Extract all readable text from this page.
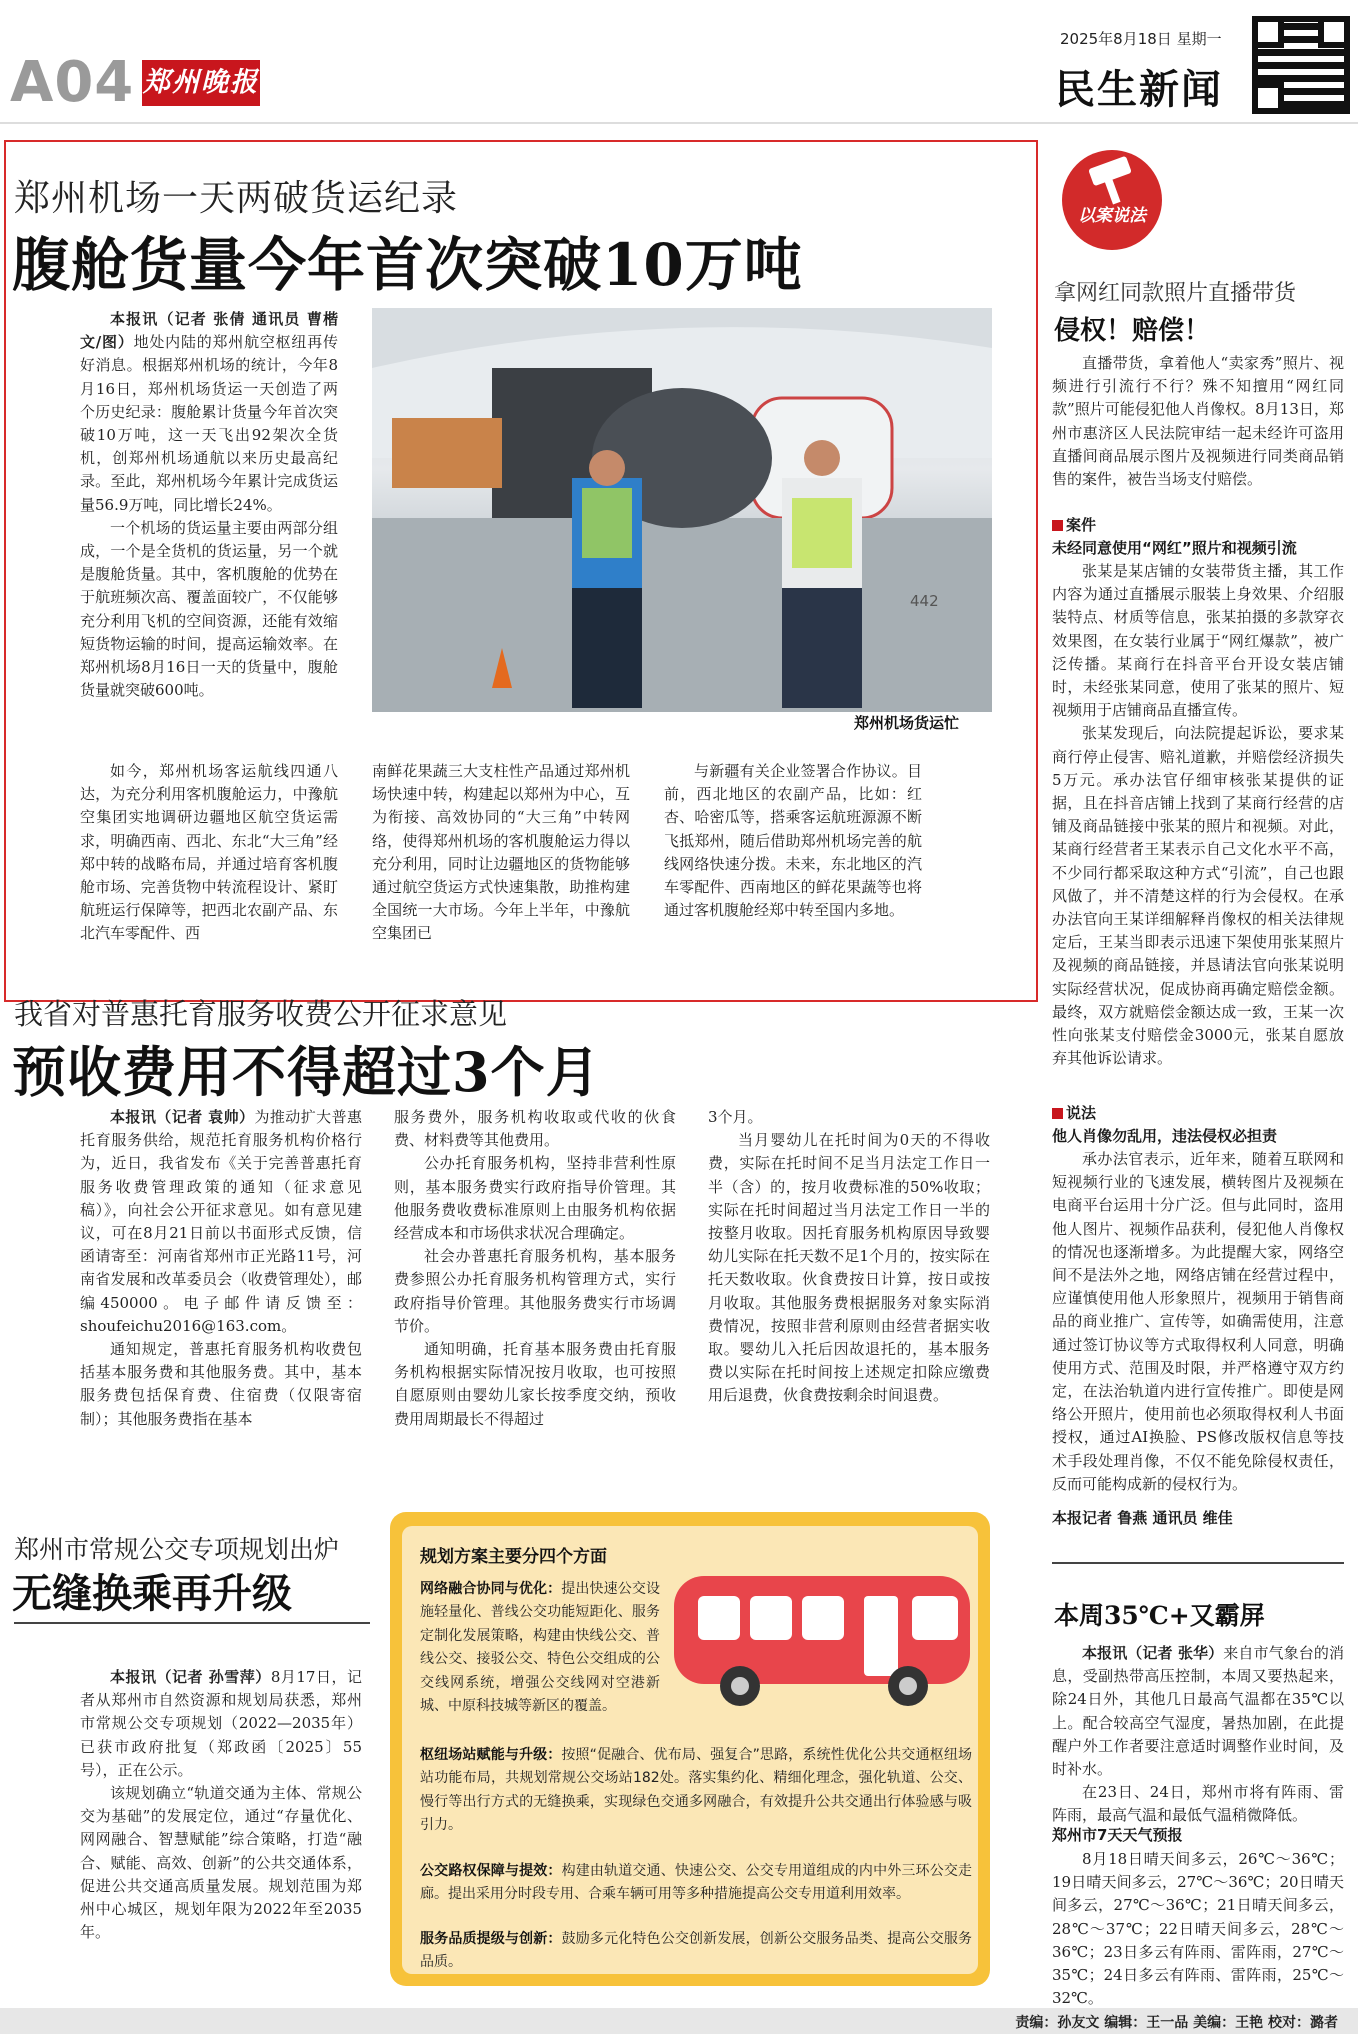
A04 郑州晚报
2025年8月18日 星期一
民生新闻
郑州机场一天两破货运纪录
腹舱货量今年首次突破10万吨

本报讯（记者 张倩 通讯员 曹楷 文/图）地处内陆的郑州航空枢纽再传好消息。根据郑州机场的统计，今年8月16日，郑州机场货运一天创造了两个历史纪录：腹舱累计货量今年首次突破10万吨，这一天飞出92架次全货机，创郑州机场通航以来历史最高纪录。至此，郑州机场今年累计完成货运量56.9万吨，同比增长24%。

一个机场的货运量主要由两部分组成，一个是全货机的货运量，另一个就是腹舱货量。其中，客机腹舱的优势在于航班频次高、覆盖面较广，不仅能够充分利用飞机的空间资源，还能有效缩短货物运输的时间，提高运输效率。在郑州机场8月16日一天的货量中，腹舱货量就突破600吨。

如今，郑州机场客运航线四通八达，为充分利用客机腹舱运力，中豫航空集团实地调研边疆地区航空货运需求，明确西南、西北、东北“大三角”经郑中转的战略布局，并通过培育客机腹舱市场、完善货物中转流程设计、紧盯航班运行保障等，把西北农副产品、东北汽车零配件、西

南鲜花果蔬三大支柱性产品通过郑州机场快速中转，构建起以郑州为中心，互为衔接、高效协同的“大三角”中转网络，使得郑州机场的客机腹舱运力得以充分利用，同时让边疆地区的货物能够通过航空货运方式快速集散，助推构建全国统一大市场。今年上半年，中豫航空集团已

与新疆有关企业签署合作协议。目前，西北地区的农副产品，比如：红杏、哈密瓜等，搭乘客运航班源源不断飞抵郑州，随后借助郑州机场完善的航线网络快速分拨。未来，东北地区的汽车零配件、西南地区的鲜花果蔬等也将通过客机腹舱经郑中转至国内多地。

442
郑州机场货运忙
我省对普惠托育服务收费公开征求意见
预收费用不得超过3个月

本报讯（记者 袁帅）为推动扩大普惠托育服务供给，规范托育服务机构价格行为，近日，我省发布《关于完善普惠托育服务收费管理政策的通知（征求意见稿）》，向社会公开征求意见。如有意见建议，可在8月21日前以书面形式反馈，信函请寄至：河南省郑州市正光路11号，河南省发展和改革委员会（收费管理处），邮编450000。电子邮件请反馈至：shoufeichu2016@163.com。

通知规定，普惠托育服务机构收费包括基本服务费和其他服务费。其中，基本服务费包括保育费、住宿费（仅限寄宿制）；其他服务费指在基本

服务费外，服务机构收取或代收的伙食费、材料费等其他费用。

公办托育服务机构，坚持非营利性原则，基本服务费实行政府指导价管理。其他服务费收费标准原则上由服务机构依据经营成本和市场供求状况合理确定。

社会办普惠托育服务机构，基本服务费参照公办托育服务机构管理方式，实行政府指导价管理。其他服务费实行市场调节价。

通知明确，托育基本服务费由托育服务机构根据实际情况按月收取，也可按照自愿原则由婴幼儿家长按季度交纳，预收费用周期最长不得超过

3个月。

当月婴幼儿在托时间为0天的不得收费，实际在托时间不足当月法定工作日一半（含）的，按月收费标准的50%收取；实际在托时间超过当月法定工作日一半的按整月收取。因托育服务机构原因导致婴幼儿实际在托天数不足1个月的，按实际在托天数收取。伙食费按日计算，按日或按月收取。其他服务费根据服务对象实际消费情况，按照非营利原则由经营者据实收取。婴幼儿入托后因故退托的，基本服务费以实际在托时间按上述规定扣除应缴费用后退费，伙食费按剩余时间退费。

郑州市常规公交专项规划出炉
无缝换乘再升级

本报讯（记者 孙雪萍）8月17日，记者从郑州市自然资源和规划局获悉，郑州市常规公交专项规划（2022—2035年）已获市政府批复（郑政函〔2025〕55号），正在公示。

该规划确立“轨道交通为主体、常规公交为基础”的发展定位，通过“存量优化、网网融合、智慧赋能”综合策略，打造“融合、赋能、高效、创新”的公共交通体系，促进公共交通高质量发展。规划范围为郑州中心城区，规划年限为2022年至2035年。

规划方案主要分四个方面
网络融合协同与优化：提出快速公交设施轻量化、普线公交功能短距化、服务定制化发展策略，构建由快线公交、普线公交、接驳公交、特色公交组成的公交线网系统，增强公交线网对空港新城、中原科技城等新区的覆盖。
枢纽场站赋能与升级：按照“促融合、优布局、强复合”思路，系统性优化公共交通枢纽场站功能布局，共规划常规公交场站182处。落实集约化、精细化理念，强化轨道、公交、慢行等出行方式的无缝换乘，实现绿色交通多网融合，有效提升公共交通出行体验感与吸引力。
公交路权保障与提效：构建由轨道交通、快速公交、公交专用道组成的内中外三环公交走廊。提出采用分时段专用、合乘车辆可用等多种措施提高公交专用道利用效率。
服务品质提级与创新：鼓励多元化特色公交创新发展，创新公交服务品类、提高公交服务品质。
以案说法
拿网红同款照片直播带货
侵权！赔偿！

直播带货，拿着他人“卖家秀”照片、视频进行引流行不行？殊不知擅用“网红同款”照片可能侵犯他人肖像权。8月13日，郑州市惠济区人民法院审结一起未经许可盗用直播间商品展示图片及视频进行同类商品销售的案件，被告当场支付赔偿。

案件
未经同意使用“网红”照片和视频引流

张某是某店铺的女装带货主播，其工作内容为通过直播展示服装上身效果、介绍服装特点、材质等信息，张某拍摄的多款穿衣效果图，在女装行业属于“网红爆款”，被广泛传播。某商行在抖音平台开设女装店铺时，未经张某同意，使用了张某的照片、短视频用于店铺商品直播宣传。

张某发现后，向法院提起诉讼，要求某商行停止侵害、赔礼道歉，并赔偿经济损失5万元。承办法官仔细审核张某提供的证据，且在抖音店铺上找到了某商行经营的店铺及商品链接中张某的照片和视频。对此，某商行经营者王某表示自己文化水平不高，不少同行都采取这种方式“引流”，自己也跟风做了，并不清楚这样的行为会侵权。在承办法官向王某详细解释肖像权的相关法律规定后，王某当即表示迅速下架使用张某照片及视频的商品链接，并恳请法官向张某说明实际经营状况，促成协商再确定赔偿金额。最终，双方就赔偿金额达成一致，王某一次性向张某支付赔偿金3000元，张某自愿放弃其他诉讼请求。

说法
他人肖像勿乱用，违法侵权必担责

承办法官表示，近年来，随着互联网和短视频行业的飞速发展，横转图片及视频在电商平台运用十分广泛。但与此同时，盗用他人图片、视频作品获利，侵犯他人肖像权的情况也逐渐增多。为此提醒大家，网络空间不是法外之地，网络店铺在经营过程中，应谨慎使用他人形象照片，视频用于销售商品的商业推广、宣传等，如确需使用，注意通过签订协议等方式取得权利人同意，明确使用方式、范围及时限，并严格遵守双方约定，在法治轨道内进行宣传推广。即使是网络公开照片，使用前也必须取得权利人书面授权，通过AI换脸、PS修改版权信息等技术手段处理肖像，不仅不能免除侵权责任，反而可能构成新的侵权行为。

本报记者 鲁燕 通讯员 维佳
本周35℃+又霸屏

本报讯（记者 张华）来自市气象台的消息，受副热带高压控制，本周又要热起来，除24日外，其他几日最高气温都在35℃以上。配合较高空气湿度，暑热加剧，在此提醒户外工作者要注意适时调整作业时间，及时补水。

在23日、24日，郑州市将有阵雨、雷阵雨，最高气温和最低气温稍微降低。

郑州市7天天气预报

8月18日晴天间多云，26℃～36℃；19日晴天间多云，27℃～36℃；20日晴天间多云，27℃～36℃；21日晴天间多云，28℃～37℃；22日晴天间多云，28℃～36℃；23日多云有阵雨、雷阵雨，27℃～35℃；24日多云有阵雨、雷阵雨，25℃～32℃。

责编：孙友文 编辑：王一品 美编：王艳 校对：潞者
